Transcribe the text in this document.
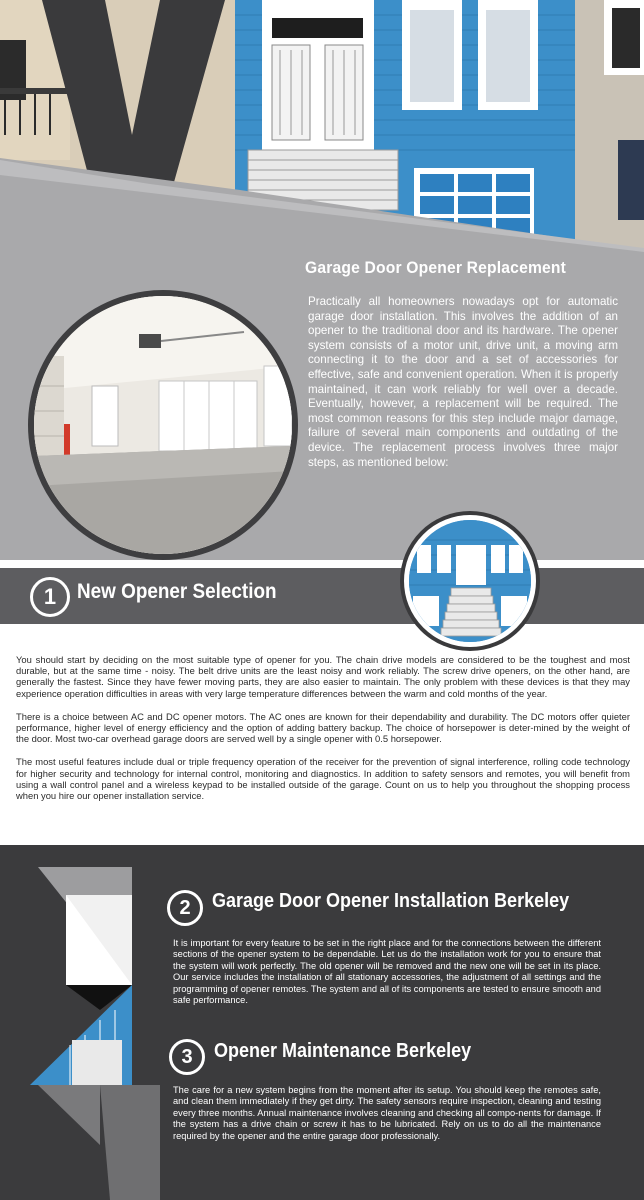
Garage Door Opener Replacement
Practically all homeowners nowadays opt for automatic garage door installation. This involves the addition of an opener to the traditional door and its hardware. The opener system consists of a motor unit, drive unit, a moving arm connecting it to the door and a set of accessories for effective, safe and convenient operation. When it is properly maintained, it can work reliably for well over a decade. Eventually, however, a replacement will be required. The most common reasons for this step include major damage, failure of several main components and outdating of the device. The replacement process involves three major steps, as mentioned below:
1 New Opener Selection

You should start by deciding on the most suitable type of opener for you. The chain drive models are considered to be the toughest and most durable, but at the same time - noisy. The belt drive units are the least noisy and work reliably. The screw drive openers, on the other hand, are generally the fastest. Since they have fewer moving parts, they are also easier to maintain. The only problem with these devices is that they may experience operation difficulties in areas with very large temperature differences between the warm and cold months of the year.

There is a choice between AC and DC opener motors. The AC ones are known for their dependability and durability. The DC motors offer quieter performance, higher level of energy efficiency and the option of adding battery backup. The choice of horsepower is deter-mined by the weight of the door. Most two-car overhead garage doors are served well by a single opener with 0.5 horsepower.

The most useful features include dual or triple frequency operation of the receiver for the prevention of signal interference, rolling code technology for higher security and technology for internal control, monitoring and diagnostics. In addition to safety sensors and remotes, you will benefit from using a wall control panel and a wireless keypad to be installed outside of the garage. Count on us to help you throughout the shopping process when you hire our opener installation service.

2	Garage Door Opener Installation Berkeley
It is important for every feature to be set in the right place and for the connections between the different sections of the opener system to be dependable. Let us do the installation work for you to ensure that the system will work perfectly. The old opener will be removed and the new one will be set in its place. Our service includes the installation of all stationary accessories, the adjustment of all settings and the programming of opener remotes. The system and all of its components are tested to ensure smooth and safe performance.
3	Opener Maintenance Berkeley
The care for a new system begins from the moment after its setup. You should keep the remotes safe, and clean them immediately if they get dirty. The safety sensors require inspection, cleaning and testing every three months. Annual maintenance involves cleaning and checking all compo-nents for damage. If the system has a drive chain or screw it has to be lubricated. Rely on us to do all the maintenance required by the opener and the entire garage door professionally.
